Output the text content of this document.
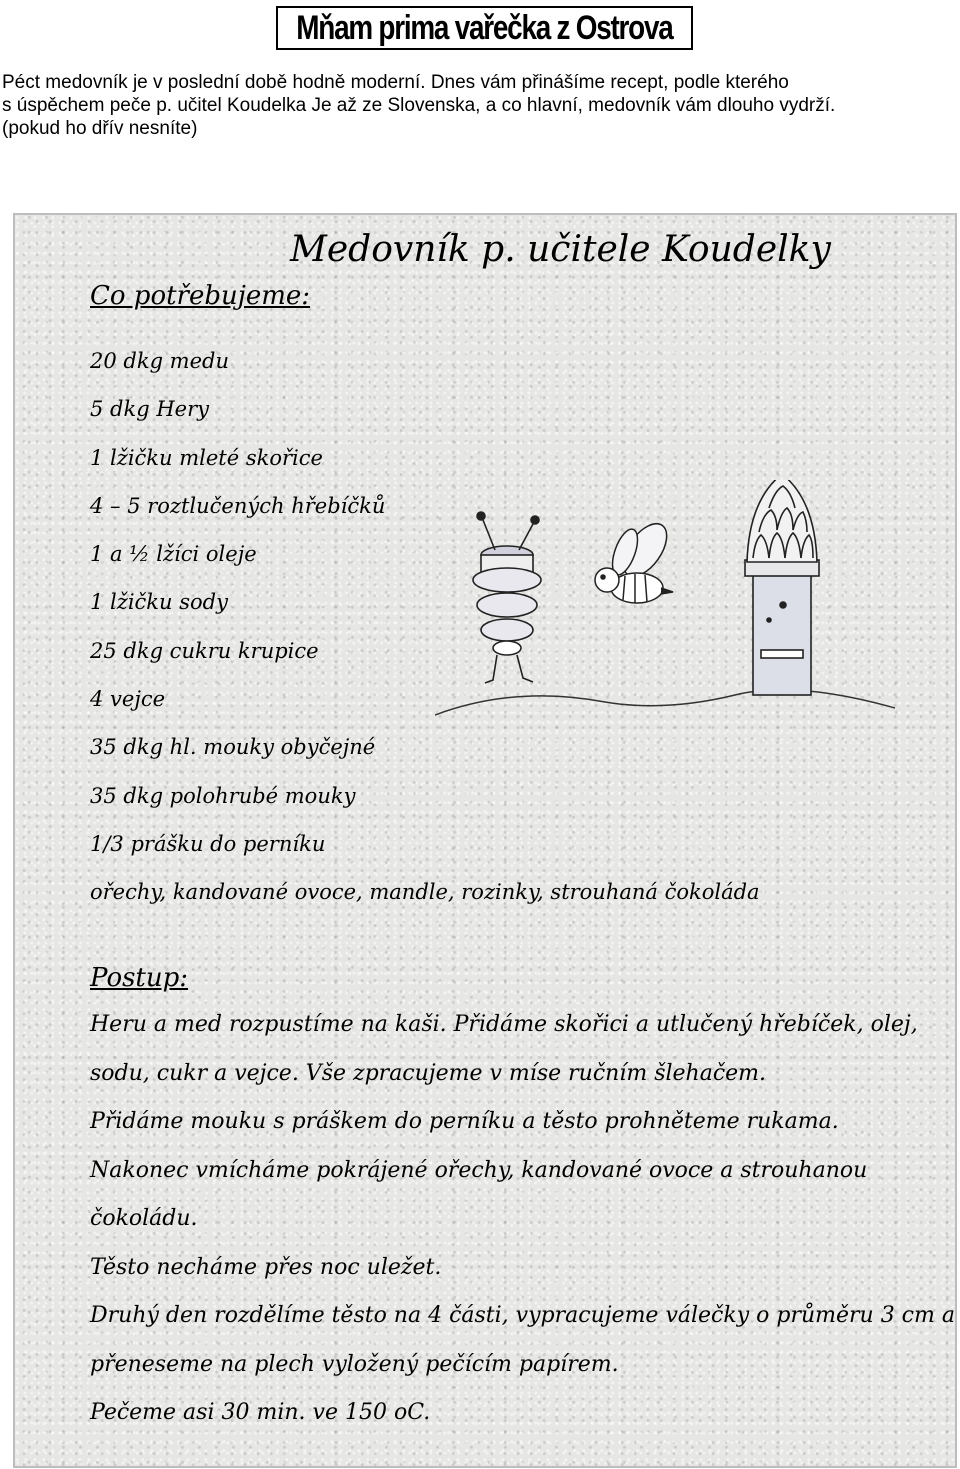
Mňam prima vařečka z Ostrova
Péct medovník je v poslední době hodně moderní. Dnes vám přinášíme recept, podle kterého
s úspěchem peče p. učitel Koudelka Je až ze Slovenska, a co hlavní, medovník vám dlouho vydrží.
(pokud ho dřív nesníte)
Medovník p. učitele Koudelky
Co potřebujeme:
20 dkg medu
5 dkg Hery
1 lžičku mleté skořice
4 – 5 roztlučených hřebíčků
1 a ½ lžíci oleje
1 lžičku sody
25 dkg cukru krupice
4 vejce
35 dkg hl. mouky obyčejné
35 dkg polohrubé mouky
1/3 prášku do perníku
ořechy, kandované ovoce, mandle, rozinky, strouhaná čokoláda
Postup:
Heru a med rozpustíme na kaši. Přidáme skořici a utlučený hřebíček, olej,
sodu, cukr a vejce. Vše zpracujeme v míse ručním šlehačem.
Přidáme mouku s práškem do perníku a těsto prohněteme rukama.
Nakonec vmícháme pokrájené ořechy, kandované ovoce a strouhanou
čokoládu.
Těsto necháme přes noc uležet.
Druhý den rozdělíme těsto na 4 části, vypracujeme válečky o průměru 3 cm a
přeneseme na plech vyložený pečícím papírem.
Pečeme asi 30 min. ve 150 oC.
